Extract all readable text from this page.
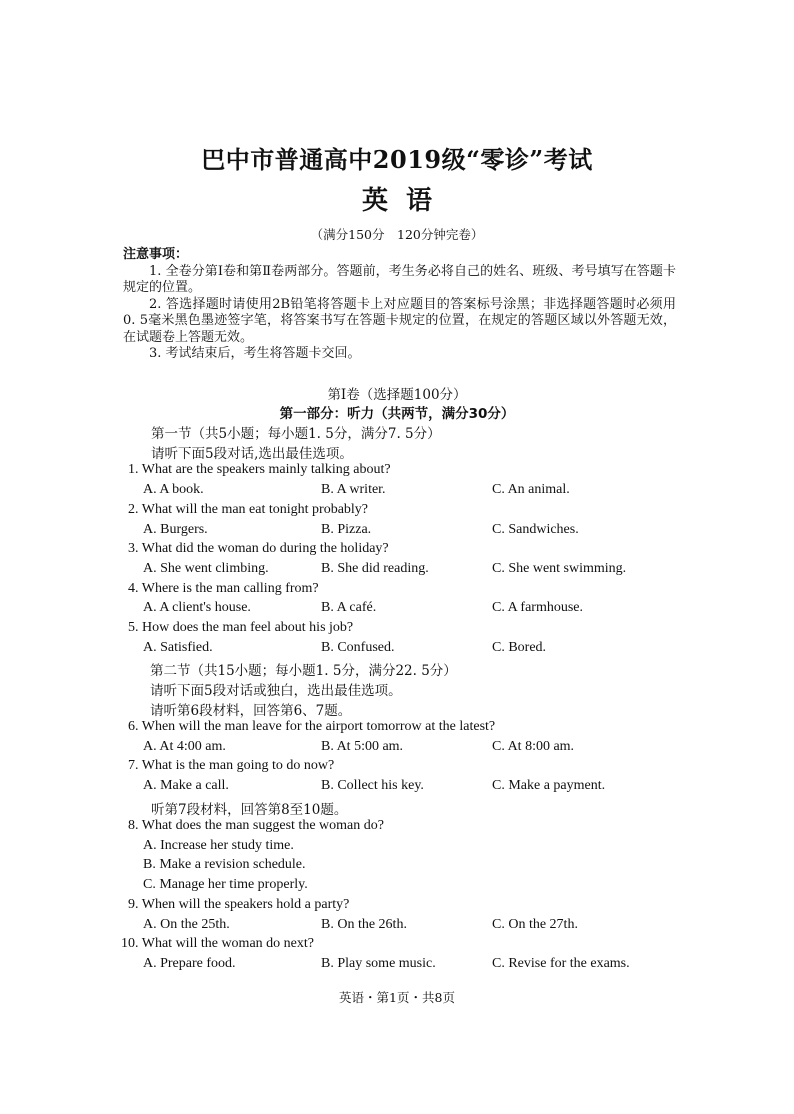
巴中市普通高中2019级“零诊”考试
英语
（满分150分　120分钟完卷）
注意事项：

1. 全卷分第Ⅰ卷和第Ⅱ卷两部分。答题前，考生务必将自己的姓名、班级、考号填写在答题卡规定的位置。

2. 答选择题时请使用2B铅笔将答题卡上对应题目的答案标号涂黑；非选择题答题时必须用0. 5毫米黑色墨迹签字笔，将答案书写在答题卡规定的位置，在规定的答题区域以外答题无效，在试题卷上答题无效。

3. 考试结束后，考生将答题卡交回。

第Ⅰ卷（选择题100分）
第一部分：听力（共两节，满分30分）
第一节（共5小题；每小题1. 5分，满分7. 5分）
请听下面5段对话,选出最佳选项。
1. What are the speakers mainly talking about?
A. A book.	B. A writer.	C. An animal.
2. What will the man eat tonight probably?
A. Burgers.	B. Pizza.	C. Sandwiches.
3. What did the woman do during the holiday?
A. She went climbing.	B. She did reading.	C. She went swimming.
4. Where is the man calling from?
A. A client's house.	B. A café.	C. A farmhouse.
5. How does the man feel about his job?
A. Satisfied.	B. Confused.	C. Bored.
第二节（共15小题；每小题1. 5分，满分22. 5分）
请听下面5段对话或独白，选出最佳选项。
请听第6段材料，回答第6、7题。
6. When will the man leave for the airport tomorrow at the latest?
A. At 4:00 am.	B. At 5:00 am.	C. At 8:00 am.
7. What is the man going to do now?
A. Make a call.	B. Collect his key.	C. Make a payment.
听第7段材料，回答第8至10题。
8. What does the man suggest the woman do?
A. Increase her study time.
B. Make a revision schedule.
C. Manage her time properly.
9. When will the speakers hold a party?
A. On the 25th.	B. On the 26th.	C. On the 27th.
10. What will the woman do next?
A. Prepare food.	B. Play some music.	C. Revise for the exams.
英语・第1页・共8页
